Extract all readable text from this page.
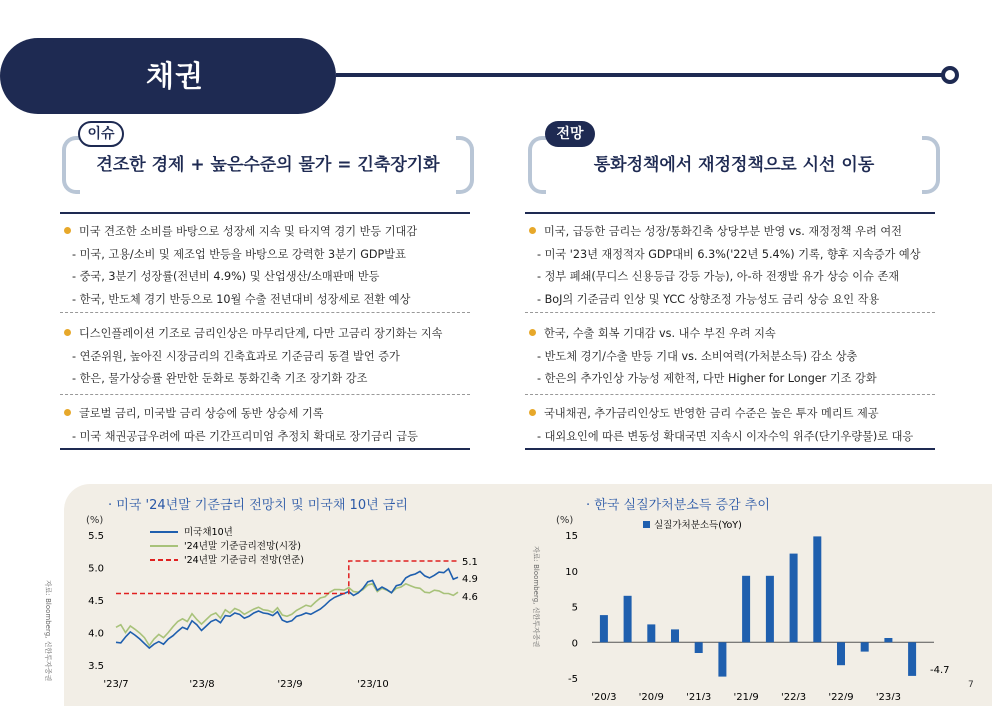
채권
이슈
견조한 경제 + 높은수준의 물가 = 긴축장기화
전망
통화정책에서 재정정책으로 시선 이동
미국 견조한 소비를 바탕으로 성장세 지속 및 타지역 경기 반등 기대감
- 미국, 고용/소비 및 제조업 반등을 바탕으로 강력한 3분기 GDP발표
- 중국, 3분기 성장률(전년비 4.9%) 및 산업생산/소매판매 반등
- 한국, 반도체 경기 반등으로 10월 수출 전년대비 성장세로 전환 예상
디스인플레이션 기조로 금리인상은 마무리단계, 다만 고금리 장기화는 지속
- 연준위원, 높아진 시장금리의 긴축효과로 기준금리 동결 발언 증가
- 한은, 물가상승률 완만한 둔화로 통화긴축 기조 장기화 강조
글로벌 금리, 미국발 금리 상승에 동반 상승세 기록
- 미국 채권공급우려에 따른 기간프리미엄 추정치 확대로 장기금리 급등
미국, 급등한 금리는 성장/통화긴축 상당부분 반영 vs. 재정정책 우려 여전
- 미국 '23년 재정적자 GDP대비 6.3%('22년 5.4%) 기록, 향후 지속증가 예상
- 정부 폐쇄(무디스 신용등급 강등 가능), 아-하 전쟁발 유가 상승 이슈 존재
- BoJ의 기준금리 인상 및 YCC 상향조정 가능성도 금리 상승 요인 작용
한국, 수출 회복 기대감 vs. 내수 부진 우려 지속
- 반도체 경기/수출 반등 기대 vs. 소비여력(가처분소득) 감소 상충
- 한은의 추가인상 가능성 제한적, 다만 Higher for Longer 기조 강화
국내채권, 추가금리인상도 반영한 금리 수준은 높은 투자 메리트 제공
- 대외요인에 따른 변동성 확대국면 지속시 이자수익 위주(단기우량물)로 대응
· 미국 '24년말 기준금리 전망치 및 미국채 10년 금리	· 한국 실질가처분소득 증감 추이
자료: Bloomberg, 신한투자증권	자료: Bloomberg, 신한투자증권
(%)
5.5
5.0
4.5
4.0
3.5
'23/7	'23/8	'23/9	'23/10
미국채10년
'24년말 기준금리전망(시장)
'24년말 기준금리 전망(연준)	5.1
4.9
4.6
(%)	실질가처분소득(YoY)
15
10
5
0
-5
'20/3 '20/9 '21/3 '21/9 '22/3 '22/9 '23/3
-4.7
7
